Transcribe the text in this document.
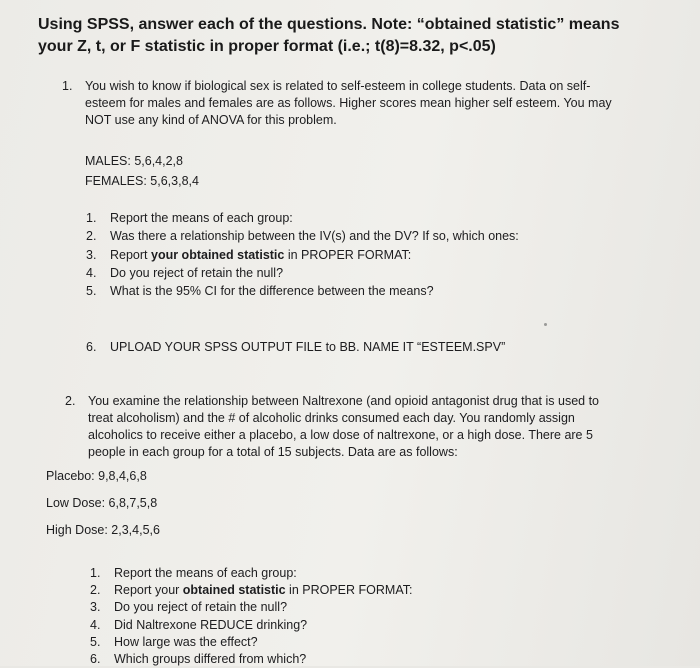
Using SPSS, answer each of the questions. Note: “obtained statistic” means
your Z, t, or F statistic in proper format (i.e.; t(8)=8.32, p<.05)
1. You wish to know if biological sex is related to self-esteem in college students. Data on self-esteem for males and females are as follows. Higher scores mean higher self esteem. You may NOT use any kind of ANOVA for this problem.
MALES: 5,6,4,2,8
FEMALES: 5,6,3,8,4
1. Report the means of each group:
2. Was there a relationship between the IV(s) and the DV? If so, which ones:
3. Report your obtained statistic in PROPER FORMAT:
4. Do you reject of retain the null?
5. What is the 95% CI for the difference between the means?
6. UPLOAD YOUR SPSS OUTPUT FILE to BB. NAME IT “ESTEEM.SPV”
2. You examine the relationship between Naltrexone (and opioid antagonist drug that is used to treat alcoholism) and the # of alcoholic drinks consumed each day. You randomly assign alcoholics to receive either a placebo, a low dose of naltrexone, or a high dose. There are 5 people in each group for a total of 15 subjects. Data are as follows:
Placebo: 9,8,4,6,8
Low Dose: 6,8,7,5,8
High Dose: 2,3,4,5,6
1. Report the means of each group:
2. Report your obtained statistic in PROPER FORMAT:
3. Do you reject of retain the null?
4. Did Naltrexone REDUCE drinking?
5. How large was the effect?
6. Which groups differed from which?
